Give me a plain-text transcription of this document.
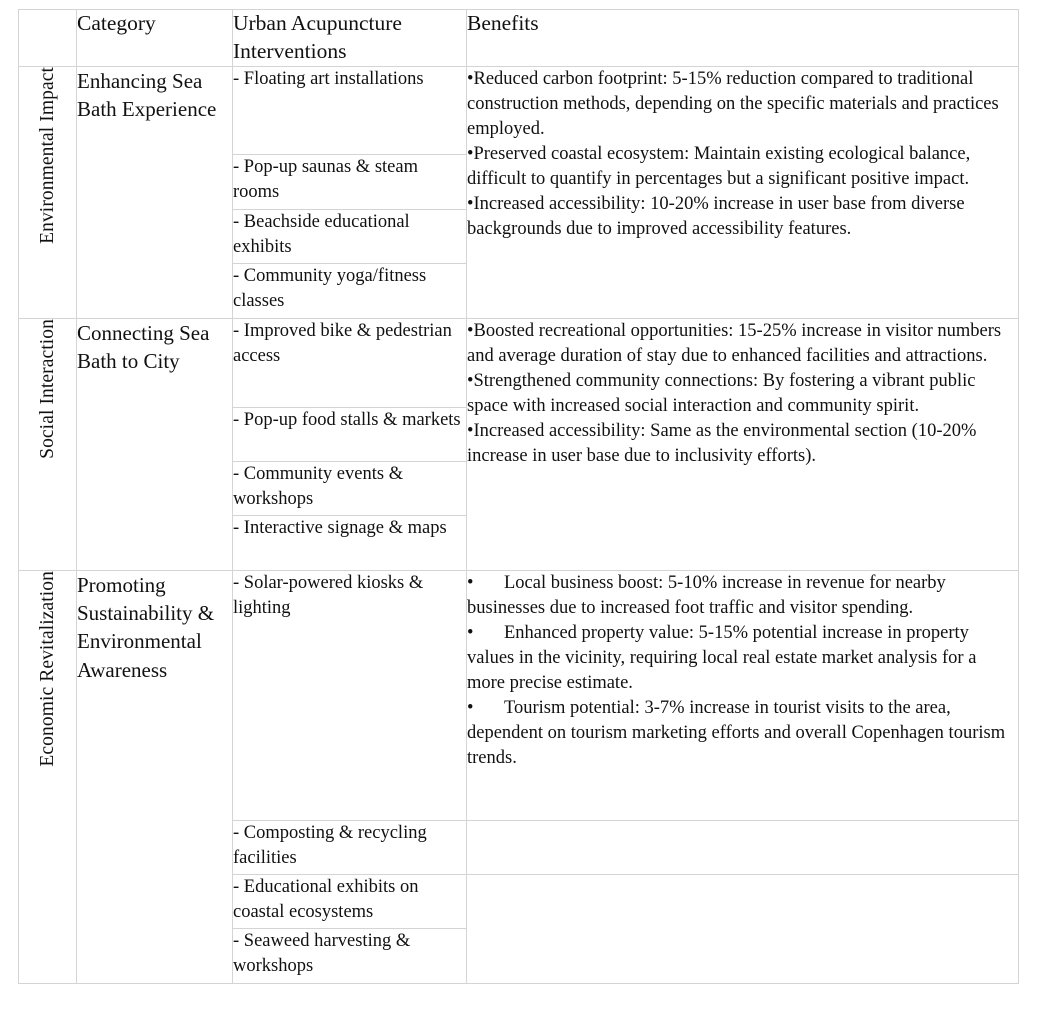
	Category	Urban Acupuncture Interventions	Benefits
Environmental Impact	Enhancing Sea Bath Experience	- Floating art installations	•Reduced carbon footprint: 5-15% reduction compared to traditional construction methods, depending on the specific materials and practices employed.

•Preserved coastal ecosystem: Maintain existing ecological balance, difficult to quantify in percentages but a significant positive impact.

•Increased accessibility: 10-20% increase in user base from diverse backgrounds due to improved accessibility features.

		- Pop-up saunas & steam rooms	
		- Beachside educational exhibits	
		- Community yoga/fitness classes	
Social Interaction	Connecting Sea Bath to City	- Improved bike & pedestrian access	•Boosted recreational opportunities: 15-25% increase in visitor numbers and average duration of stay due to enhanced facilities and attractions.

•Strengthened community connections: By fostering a vibrant public space with increased social interaction and community spirit.

•Increased accessibility: Same as the environmental section (10-20% increase in user base due to inclusivity efforts).

		- Pop-up food stalls & markets	
		- Community events & workshops	
		- Interactive signage & maps	
Economic Revitalization	Promoting Sustainability & Environmental Awareness	- Solar-powered kiosks & lighting	•	Local business boost: 5-10% increase in revenue for nearby businesses due to increased foot traffic and visitor spending.

•	Enhanced property value: 5-15% potential increase in property values in the vicinity, requiring local real estate market analysis for a more precise estimate.

•	Tourism potential: 3-7% increase in tourist visits to the area, dependent on tourism marketing efforts and overall Copenhagen tourism trends.

		- Composting & recycling facilities	
		- Educational exhibits on coastal ecosystems	
		- Seaweed harvesting & workshops	
